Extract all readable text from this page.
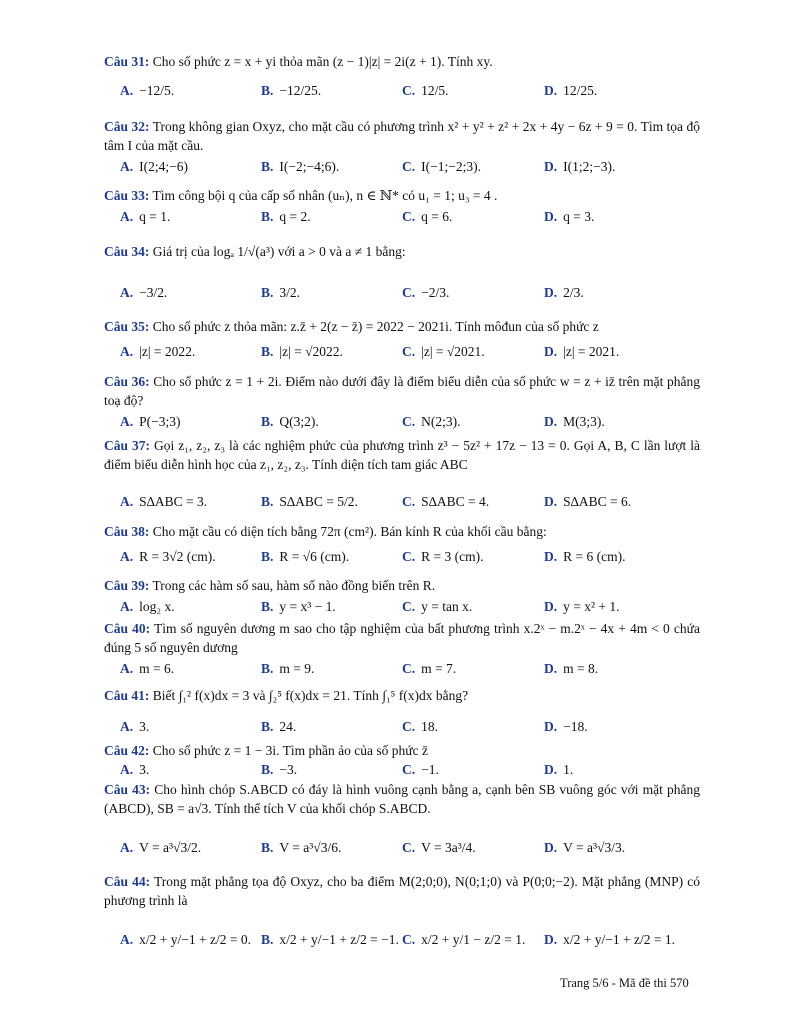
Câu 31: Cho số phức z = x + yi thỏa mãn (z − 1)|z| = 2i(z + 1). Tính xy.
A. −12/5.	B. −12/25.	C. 12/5.	D. 12/25.
Câu 32: Trong không gian Oxyz, cho mặt cầu có phương trình x² + y² + z² + 2x + 4y − 6z + 9 = 0. Tìm tọa độ tâm I của mặt cầu.
A. I(2;4;−6)	B. I(−2;−4;6).	C. I(−1;−2;3).	D. I(1;2;−3).
Câu 33: Tìm công bội q của cấp số nhân (uₙ), n ∈ ℕ* có u₁ = 1; u₃ = 4 .
A. q = 1.	B. q = 2.	C. q = 6.	D. q = 3.
Câu 34: Giá trị của logₐ 1/√(a³) với a > 0 và a ≠ 1 bằng:
A. −3/2.	B. 3/2.	C. −2/3.	D. 2/3.
Câu 35: Cho số phức z thỏa mãn: z.z̄ + 2(z − z̄) = 2022 − 2021i. Tính môđun của số phức z
A. |z| = 2022.	B. |z| = √2022.	C. |z| = √2021.	D. |z| = 2021.
Câu 36: Cho số phức z = 1 + 2i. Điểm nào dưới đây là điểm biểu diễn của số phức w = z + iz̄ trên mặt phẳng toạ độ?
A. P(−3;3)	B. Q(3;2).	C. N(2;3).	D. M(3;3).
Câu 37: Gọi z₁, z₂, z₃ là các nghiệm phức của phương trình z³ − 5z² + 17z − 13 = 0. Gọi A, B, C lần lượt là điểm biểu diễn hình học của z₁, z₂, z₃. Tính diện tích tam giác ABC
A. S∆ABC = 3.	B. S∆ABC = 5/2.	C. S∆ABC = 4.	D. S∆ABC = 6.
Câu 38: Cho mặt cầu có diện tích bằng 72π (cm²). Bán kính R của khối cầu bằng:
A. R = 3√2 (cm).	B. R = √6 (cm).	C. R = 3 (cm).	D. R = 6 (cm).
Câu 39: Trong các hàm số sau, hàm số nào đồng biến trên R.
A. log₂ x.	B. y = x³ − 1.	C. y = tan x.	D. y = x² + 1.
Câu 40: Tìm số nguyên dương m sao cho tập nghiệm của bất phương trình x.2ˣ − m.2ˣ − 4x + 4m < 0 chứa đúng 5 số nguyên dương
A. m = 6.	B. m = 9.	C. m = 7.	D. m = 8.
Câu 41: Biết ∫₁² f(x)dx = 3 và ∫₂⁵ f(x)dx = 21. Tính ∫₁⁵ f(x)dx bằng?
A. 3.	B. 24.	C. 18.	D. −18.
Câu 42: Cho số phức z = 1 − 3i. Tìm phần ảo của số phức z̄
A. 3.	B. −3.	C. −1.	D. 1.
Câu 43: Cho hình chóp S.ABCD có đáy là hình vuông cạnh bằng a, cạnh bên SB vuông góc với mặt phẳng (ABCD), SB = a√3. Tính thể tích V của khối chóp S.ABCD.
A. V = a³√3/2.	B. V = a³√3/6.	C. V = 3a³/4.	D. V = a³√3/3.
Câu 44: Trong mặt phẳng tọa độ Oxyz, cho ba điểm M(2;0;0), N(0;1;0) và P(0;0;−2). Mặt phẳng (MNP) có phương trình là
A. x/2 + y/−1 + z/2 = 0. B. x/2 + y/−1 + z/2 = −1. C. x/2 + y/1 − z/2 = 1. D. x/2 + y/−1 + z/2 = 1.
Trang 5/6 - Mã đề thi 570
